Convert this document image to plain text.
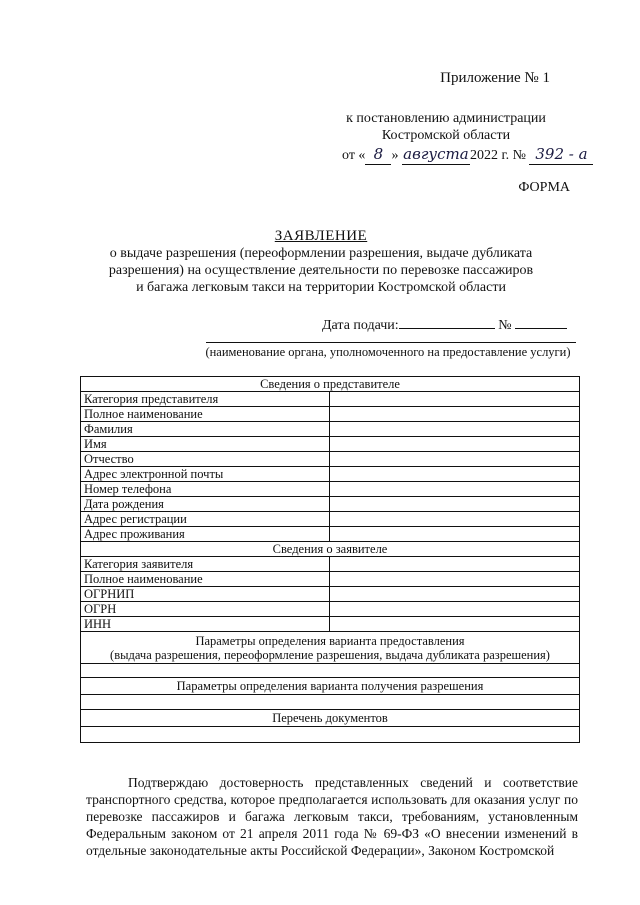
Приложение № 1
к постановлению администрации
Костромской области
от « 8 » августа2022 г. № 392 - а
ФОРМА
ЗАЯВЛЕНИЕ
о выдаче разрешения (переоформлении разрешения, выдаче дубликата
разрешения) на осуществление деятельности по перевозке пассажиров
и багажа легковым такси на территории Костромской области
Дата подачи:	№
(наименование органа, уполномоченного на предоставление услуги)
Сведения о представителе	
Категория представителя	
Полное наименование	
Фамилия	
Имя	
Отчество	
Адрес электронной почты	
Номер телефона	
Дата рождения	
Адрес регистрации	
Адрес проживания	
Сведения о заявителе	
Категория заявителя	
Полное наименование	
ОГРНИП	
ОГРН	
ИНН	

Параметры определения варианта предоставления
(выдача разрешения, переоформление разрешения, выдача дубликата разрешения)	

Параметры определения варианта получения разрешения	

Перечень документов	

Подтверждаю достоверность представленных сведений и соответствие транспортного средства, которое предполагается использовать для оказания услуг по перевозке пассажиров и багажа легковым такси, требованиям, установленным Федеральным законом от 21 апреля 2011 года № 69-ФЗ «О внесении изменений в отдельные законодательные акты Российской Федерации», Законом Костромской
